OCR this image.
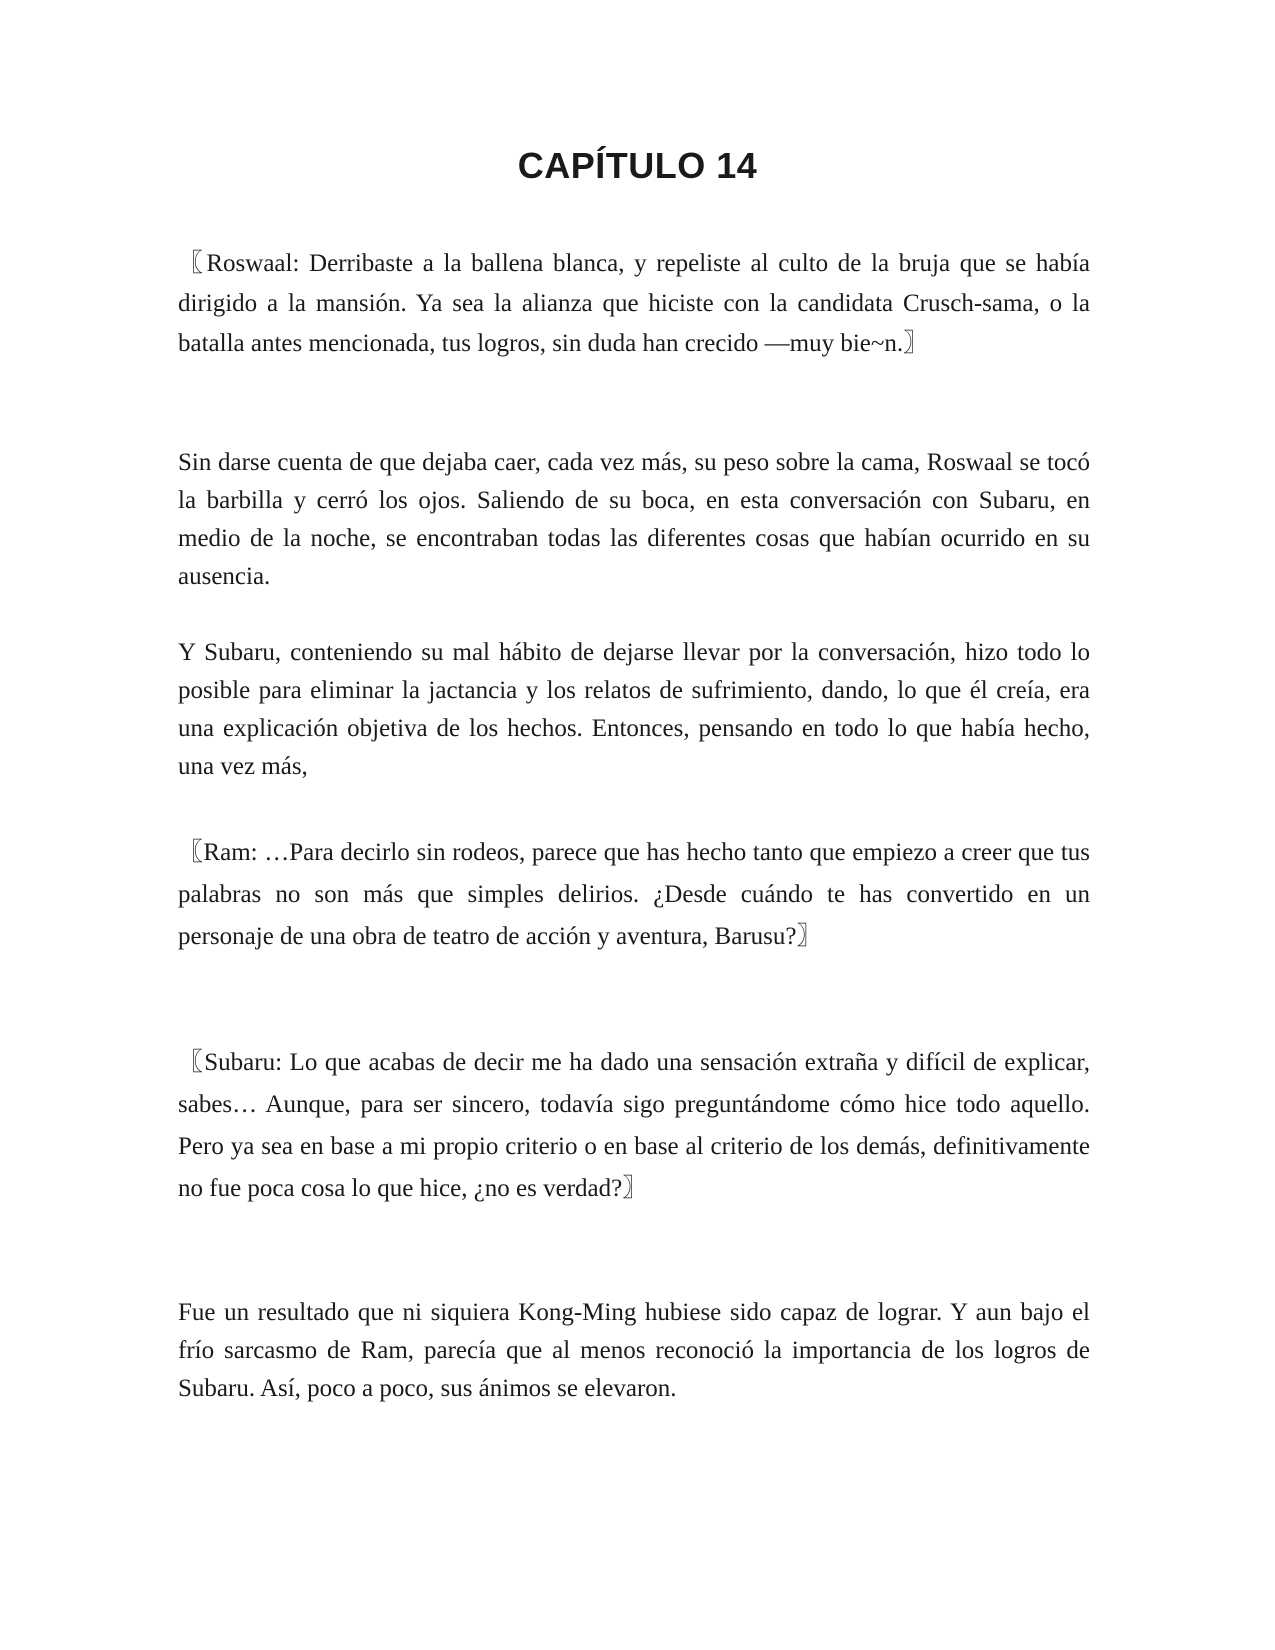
CAPÍTULO 14

〖Roswaal: Derribaste a la ballena blanca, y repeliste al culto de la bruja que se había dirigido a la mansión. Ya sea la alianza que hiciste con la candidata Crusch-sama, o la batalla antes mencionada, tus logros, sin duda han crecido —muy bie~n.〗

Sin darse cuenta de que dejaba caer, cada vez más, su peso sobre la cama, Roswaal se tocó la barbilla y cerró los ojos. Saliendo de su boca, en esta conversación con Subaru, en medio de la noche, se encontraban todas las diferentes cosas que habían ocurrido en su ausencia.

Y Subaru, conteniendo su mal hábito de dejarse llevar por la conversación, hizo todo lo posible para eliminar la jactancia y los relatos de sufrimiento, dando, lo que él creía, era una explicación objetiva de los hechos. Entonces, pensando en todo lo que había hecho, una vez más,

〖Ram: …Para decirlo sin rodeos, parece que has hecho tanto que empiezo a creer que tus palabras no son más que simples delirios. ¿Desde cuándo te has convertido en un personaje de una obra de teatro de acción y aventura, Barusu?〗

〖Subaru: Lo que acabas de decir me ha dado una sensación extraña y difícil de explicar, sabes… Aunque, para ser sincero, todavía sigo preguntándome cómo hice todo aquello. Pero ya sea en base a mi propio criterio o en base al criterio de los demás, definitivamente no fue poca cosa lo que hice, ¿no es verdad?〗

Fue un resultado que ni siquiera Kong-Ming hubiese sido capaz de lograr. Y aun bajo el frío sarcasmo de Ram, parecía que al menos reconoció la importancia de los logros de Subaru. Así, poco a poco, sus ánimos se elevaron.
